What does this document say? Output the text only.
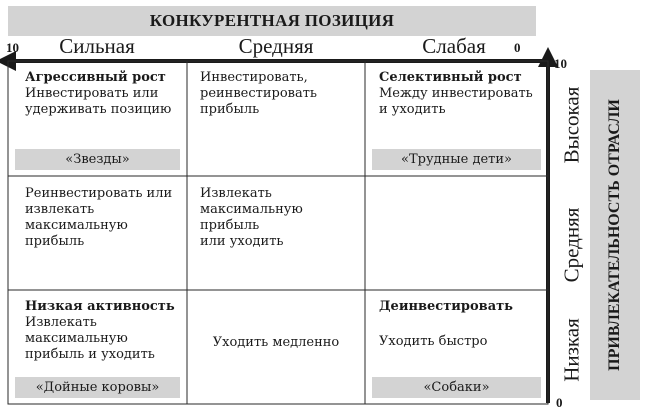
КОНКУРЕНТНАЯ ПОЗИЦИЯ
10 Сильная	Средняя	Слабая 0
10
0
Высокая
Средняя
Низкая ПРИВЛЕКАТЕЛЬНОСТЬ ОТРАСЛИ
Агрессивный рост
Инвестировать или
удерживать позицию
«Звезды»
Инвестировать,
реинвестировать
прибыль
Селективный рост
Между инвестировать
и уходить
«Трудные дети»
Реинвестировать или
извлекать
максимальную
прибыль
Извлекать
максимальную
прибыль
или уходить
Низкая активность
Извлекать
максимальную
прибыль и уходить
«Дойные коровы»
Уходить медленно
Деинвестировать
Уходить быстро
«Собаки»
